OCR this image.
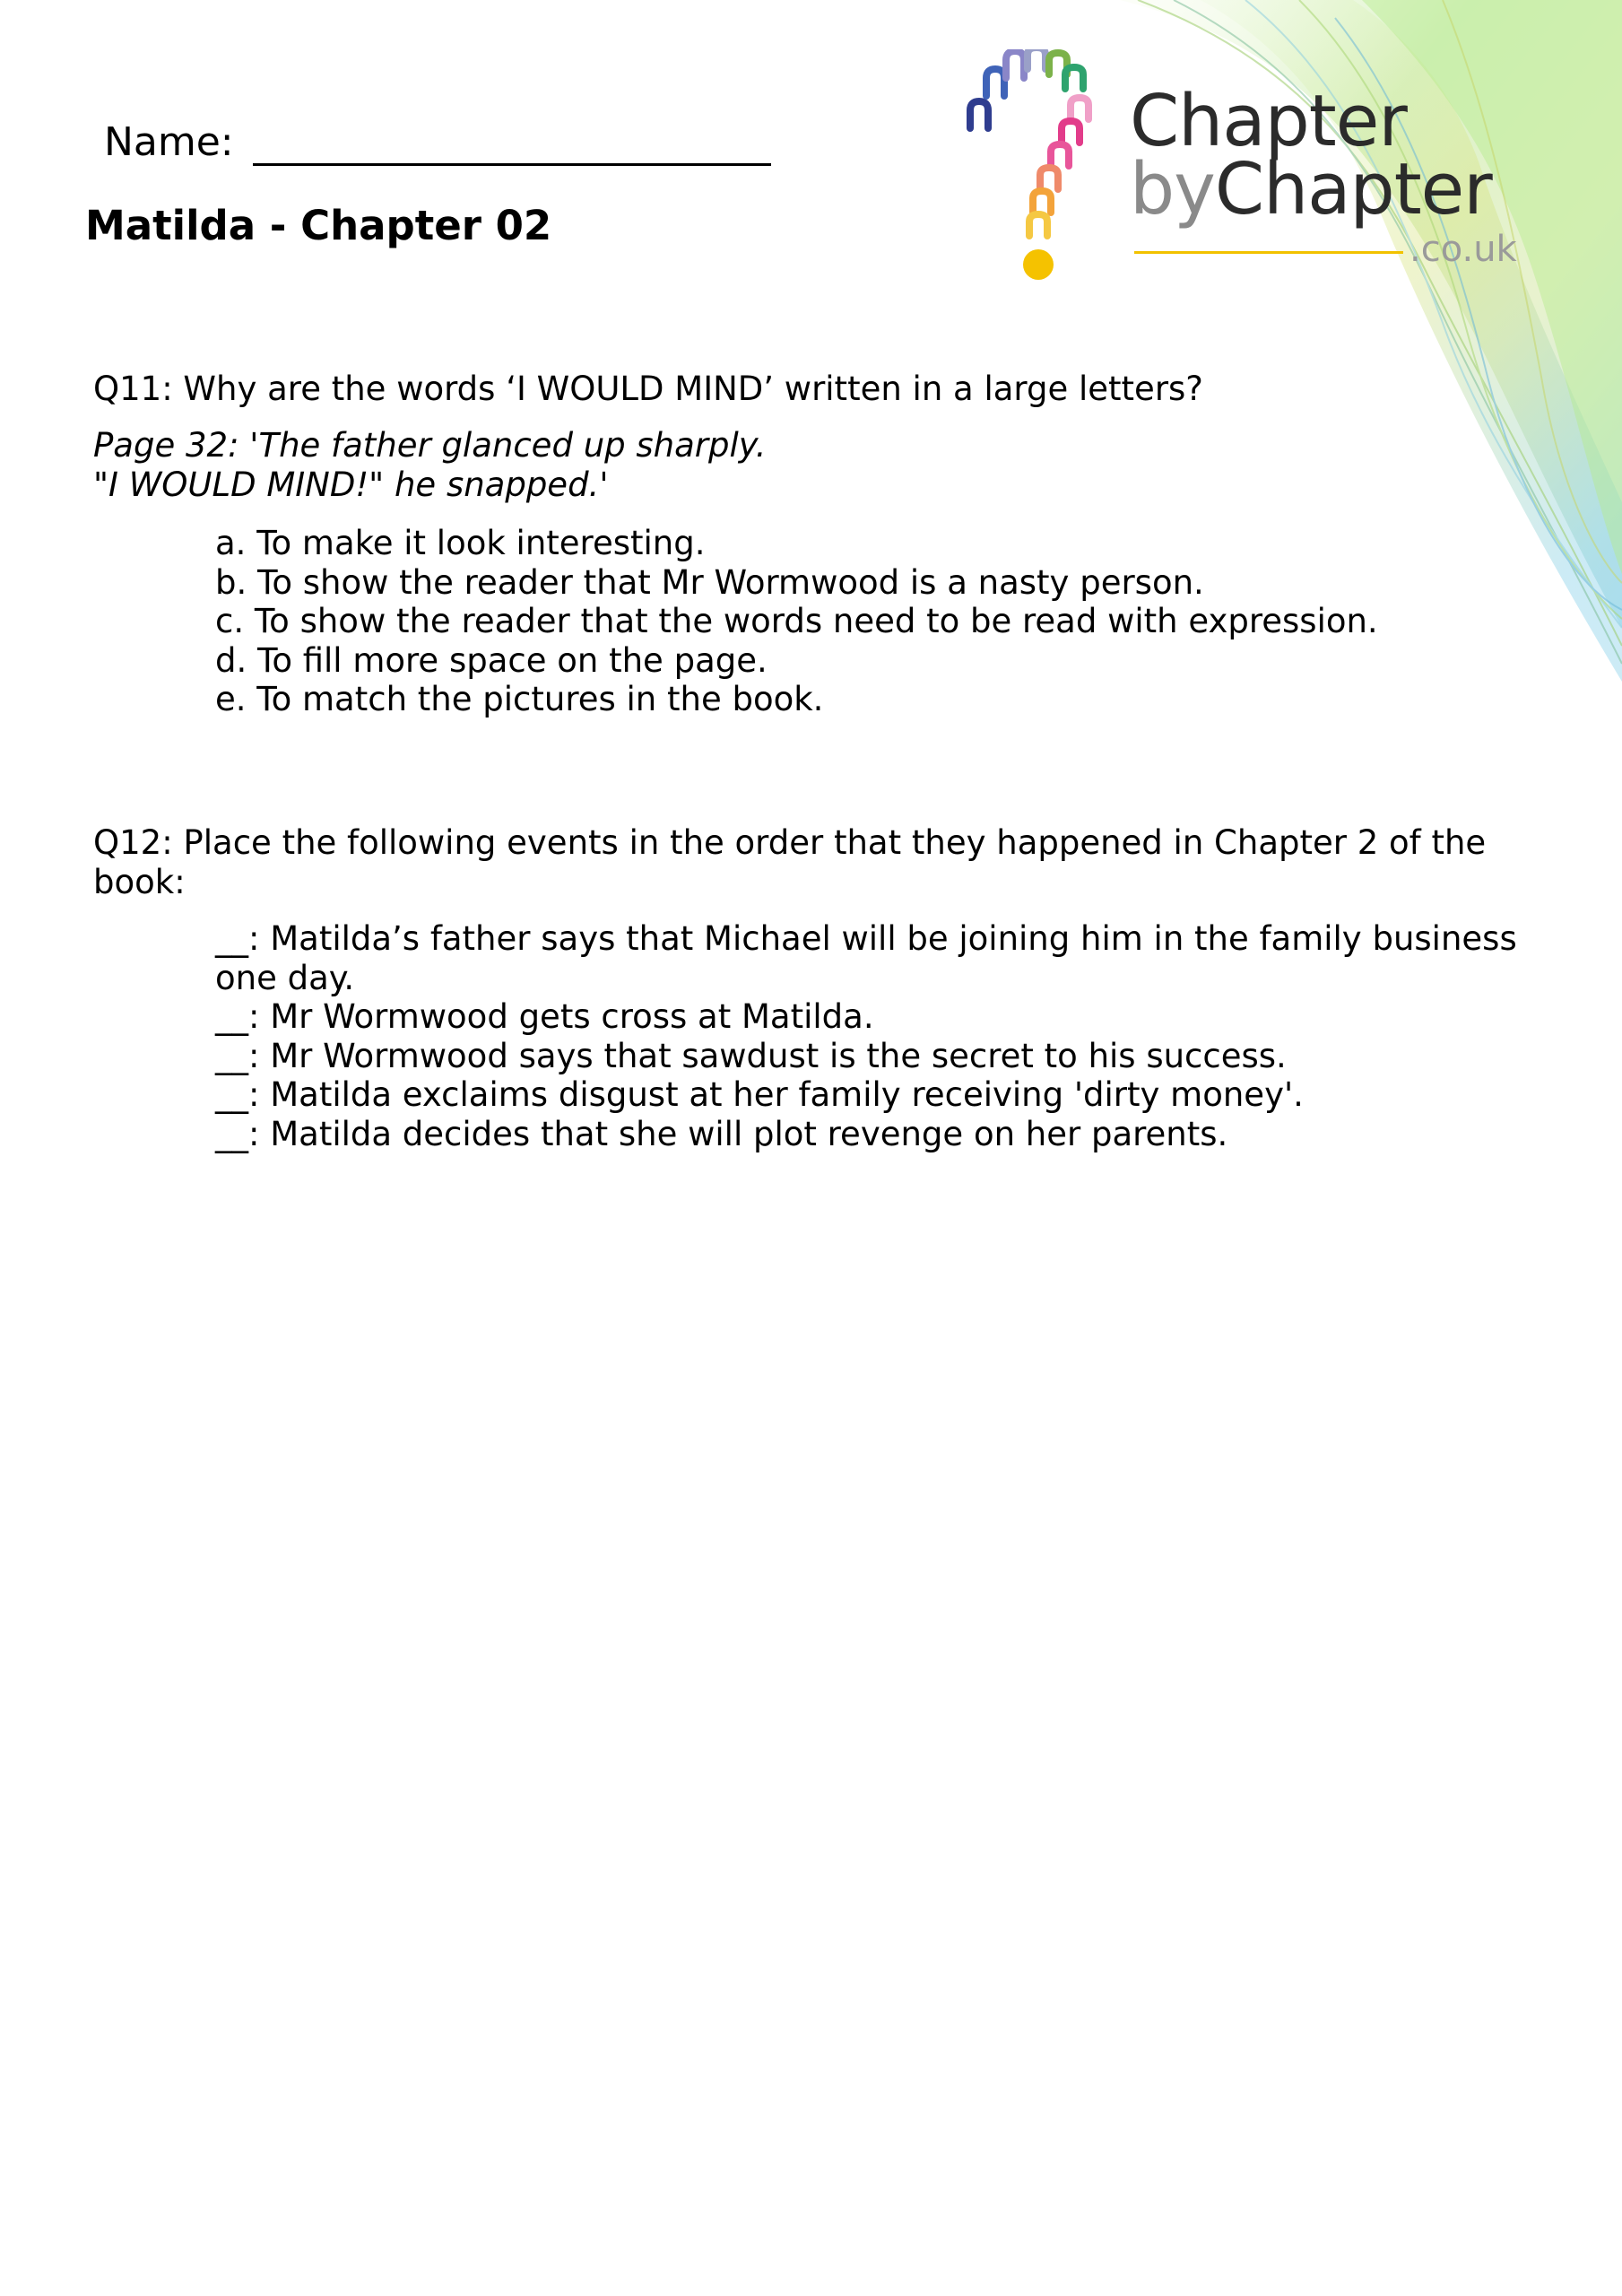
Chapter
byChapter
.co.uk
Name:
Matilda - Chapter 02
Q11: Why are the words ‘I WOULD MIND’ written in a large letters?
Page 32: 'The father glanced up sharply.
"I WOULD MIND!" he snapped.'
a. To make it look interesting.
b. To show the reader that Mr Wormwood is a nasty person.
c. To show the reader that the words need to be read with expression.
d. To fill more space on the page.
e. To match the pictures in the book.
Q12: Place the following events in the order that they happened in Chapter 2 of the
book:
__: Matilda’s father says that Michael will be joining him in the family business
one day.
__: Mr Wormwood gets cross at Matilda.
__: Mr Wormwood says that sawdust is the secret to his success.
__: Matilda exclaims disgust at her family receiving 'dirty money'.
__: Matilda decides that she will plot revenge on her parents.
